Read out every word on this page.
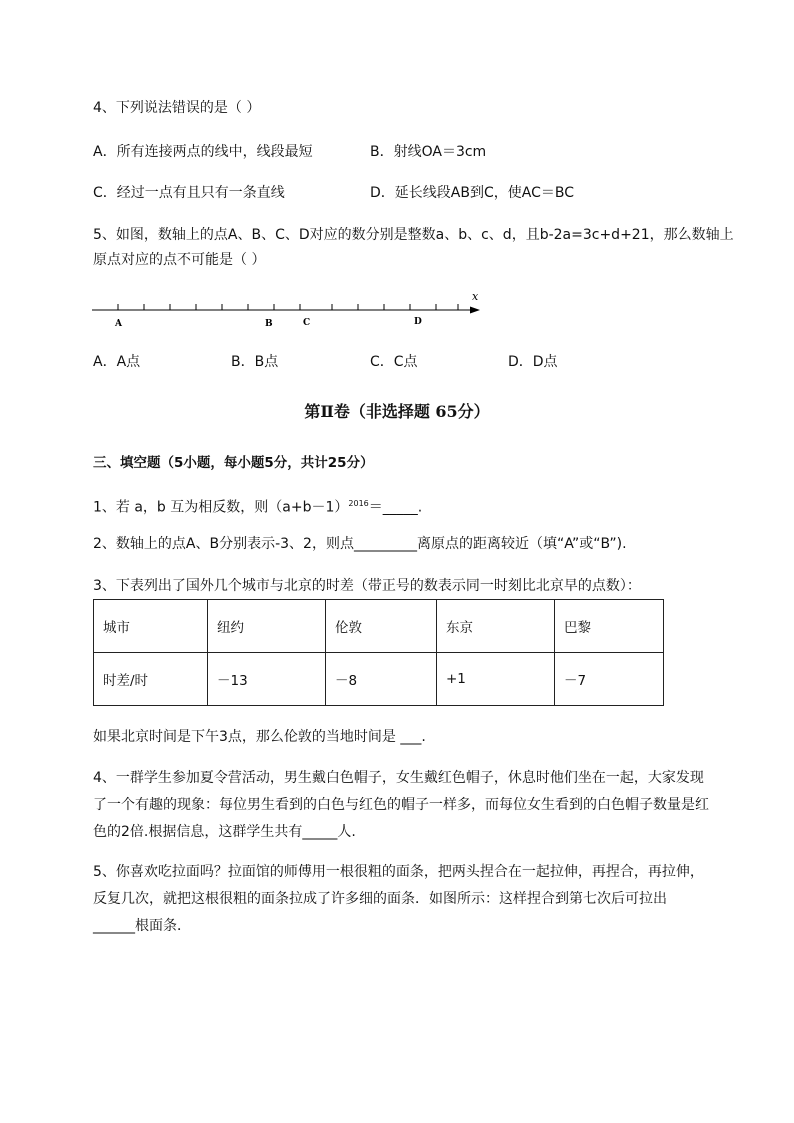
4、下列说法错误的是（ ）
A．所有连接两点的线中，线段最短	B．射线OA＝3cm
C．经过一点有且只有一条直线	D．延长线段AB到C，使AC＝BC
5、如图，数轴上的点A、B、C、D对应的数分别是整数a、b、c、d，且b-2a=3c+d+21，那么数轴上
原点对应的点不可能是（ ）
x
A	B	C	D
A．A点	B．B点	C．C点	D．D点
第Ⅱ卷（非选择题 65分）
三、填空题（5小题，每小题5分，共计25分）
1、若 a，b 互为相反数，则$(a+b-1)^{2016}=\_\_\_\_\_$.
2、数轴上的点A、B分别表示-3、2，则点_________离原点的距离较近（填“A”或“B”).
3、下表列出了国外几个城市与北京的时差（带正号的数表示同一时刻比北京早的点数）：
城市	纽约	伦敦	东京	巴黎
时差/时	－13	－8	+1	－7
如果北京时间是下午3点，那么伦敦的当地时间是 ___.
4、一群学生参加夏令营活动，男生戴白色帽子，女生戴红色帽子，休息时他们坐在一起，大家发现
了一个有趣的现象：每位男生看到的白色与红色的帽子一样多，而每位女生看到的白色帽子数量是红
色的2倍.根据信息，这群学生共有_____人.
5、你喜欢吃拉面吗？拉面馆的师傅用一根很粗的面条，把两头捏合在一起拉伸，再捏合，再拉伸，
反复几次，就把这根很粗的面条拉成了许多细的面条．如图所示：这样捏合到第七次后可拉出
______根面条．
